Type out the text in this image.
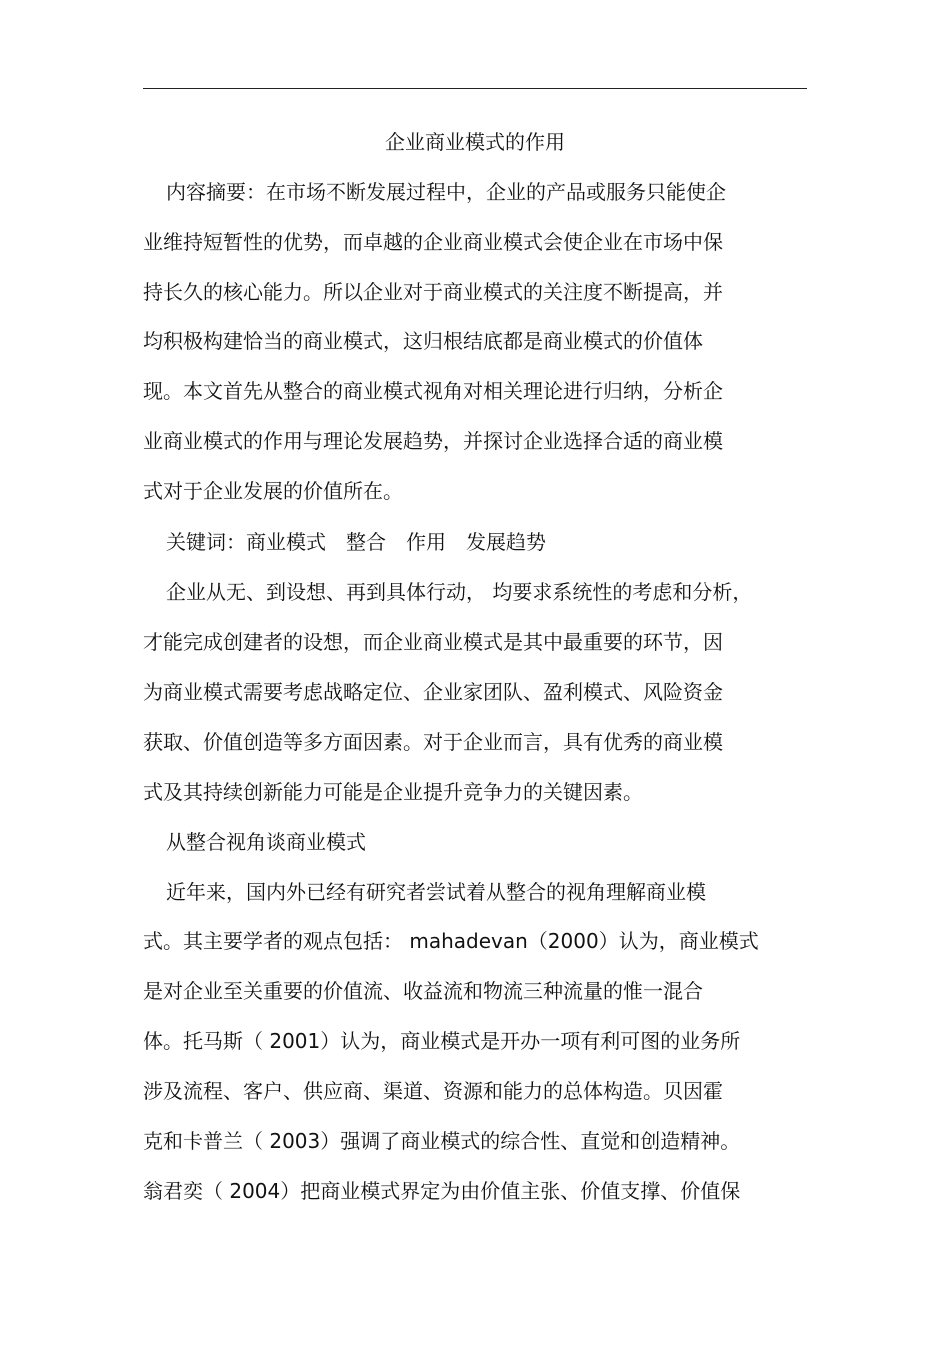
企业商业模式的作用
内容摘要：在市场不断发展过程中，企业的产品或服务只能使企
业维持短暂性的优势，而卓越的企业商业模式会使企业在市场中保
持长久的核心能力。所以企业对于商业模式的关注度不断提高，并
均积极构建恰当的商业模式，这归根结底都是商业模式的价值体
现。本文首先从整合的商业模式视角对相关理论进行归纳，分析企
业商业模式的作用与理论发展趋势，并探讨企业选择合适的商业模
式对于企业发展的价值所在。
关键词：商业模式　整合　作用　发展趋势
企业从无、到设想、再到具体行动， 均要求系统性的考虑和分析，
才能完成创建者的设想，而企业商业模式是其中最重要的环节，因
为商业模式需要考虑战略定位、企业家团队、盈利模式、风险资金
获取、价值创造等多方面因素。对于企业而言，具有优秀的商业模
式及其持续创新能力可能是企业提升竞争力的关键因素。
从整合视角谈商业模式
近年来，国内外已经有研究者尝试着从整合的视角理解商业模
式。其主要学者的观点包括： mahadevan（2000）认为，商业模式
是对企业至关重要的价值流、收益流和物流三种流量的惟一混合
体。托马斯（ 2001）认为，商业模式是开办一项有利可图的业务所
涉及流程、客户、供应商、渠道、资源和能力的总体构造。贝因霍
克和卡普兰（ 2003）强调了商业模式的综合性、直觉和创造精神。
翁君奕（ 2004）把商业模式界定为由价值主张、价值支撑、价值保
